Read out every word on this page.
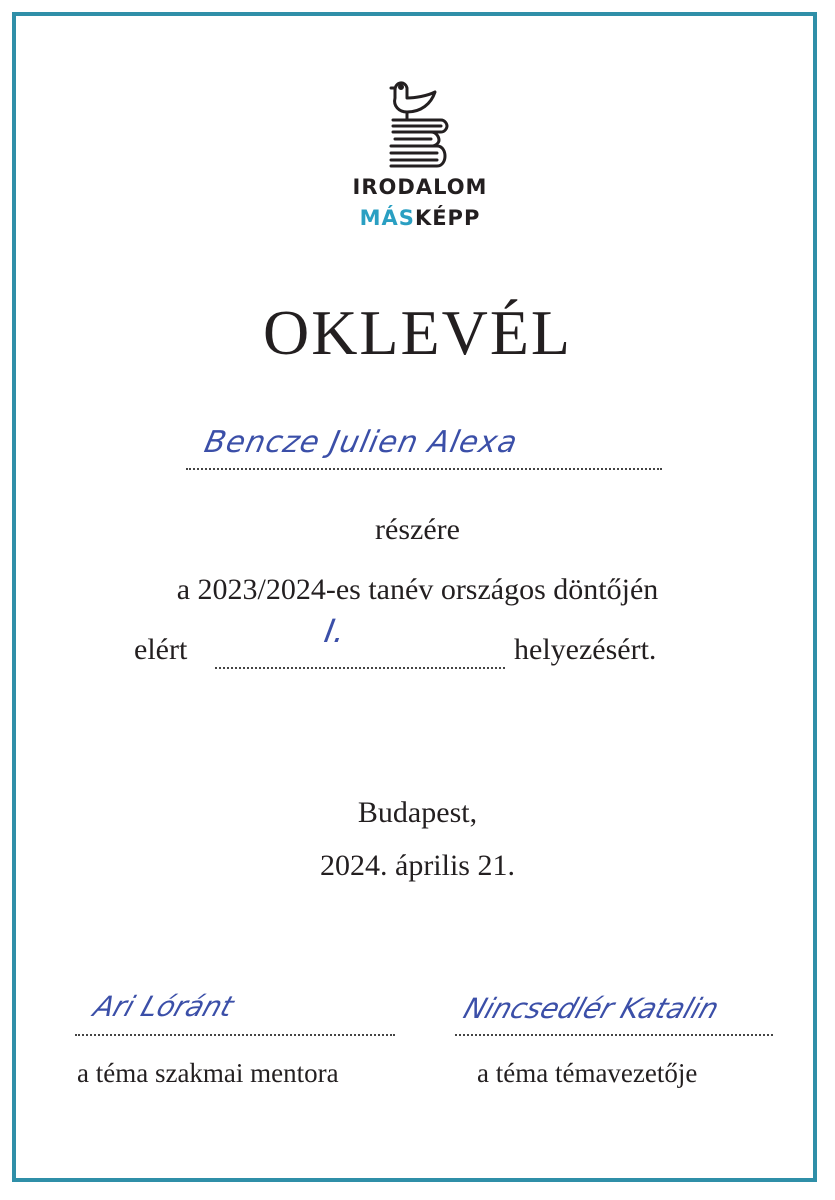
IRODALOM
MÁSKÉPP
OKLEVÉL
Bencze Julien Alexa
részére
a 2023/2024-es tanév országos döntőjén
elért	helyezésért.
I.
Budapest,
2024. április 21.
Ari Lóránt
a téma szakmai mentora
Nincsedlér Katalin
a téma témavezetője
